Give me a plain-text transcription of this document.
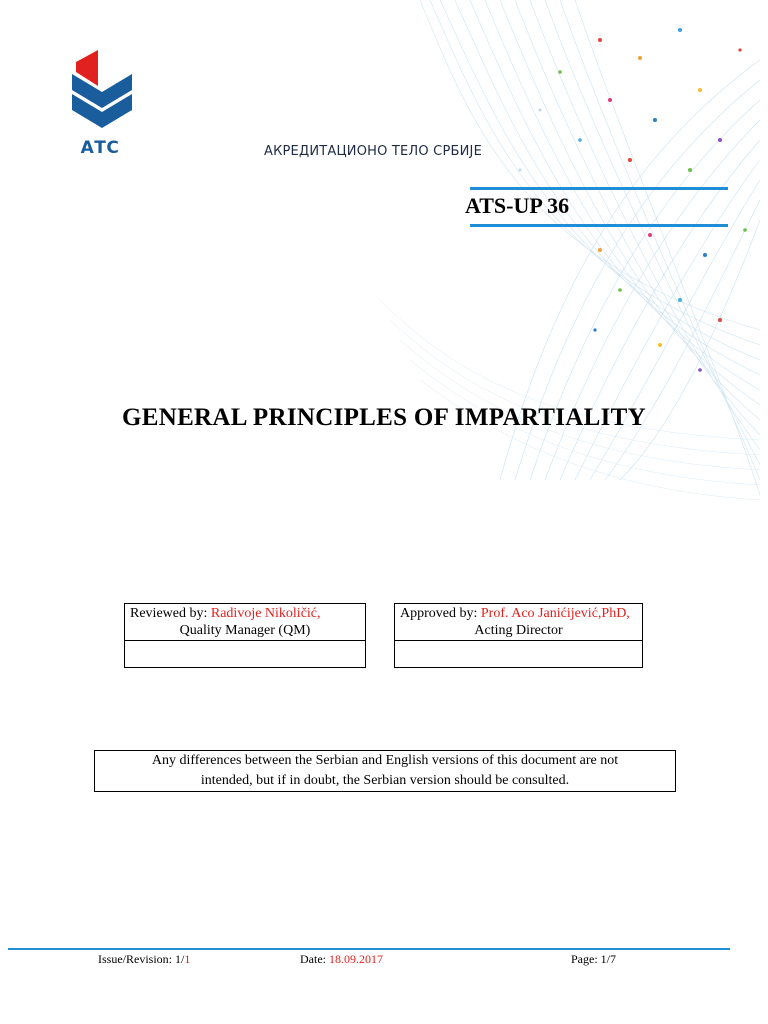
АТС	АКРЕДИТАЦИОНО ТЕЛО СРБИЈЕ
ATS-UP 36
GENERAL PRINCIPLES OF IMPARTIALITY
Reviewed by: Radivoje Nikoličić,
Quality Manager (QM)

Approved by: Prof. Aco Janićijević,PhD,
Acting Director

Any differences between the Serbian and English versions of this document are not

intended, but if in doubt, the Serbian version should be consulted.

Issue/Revision: 1/1	Date: 18.09.2017	Page: 1/7
